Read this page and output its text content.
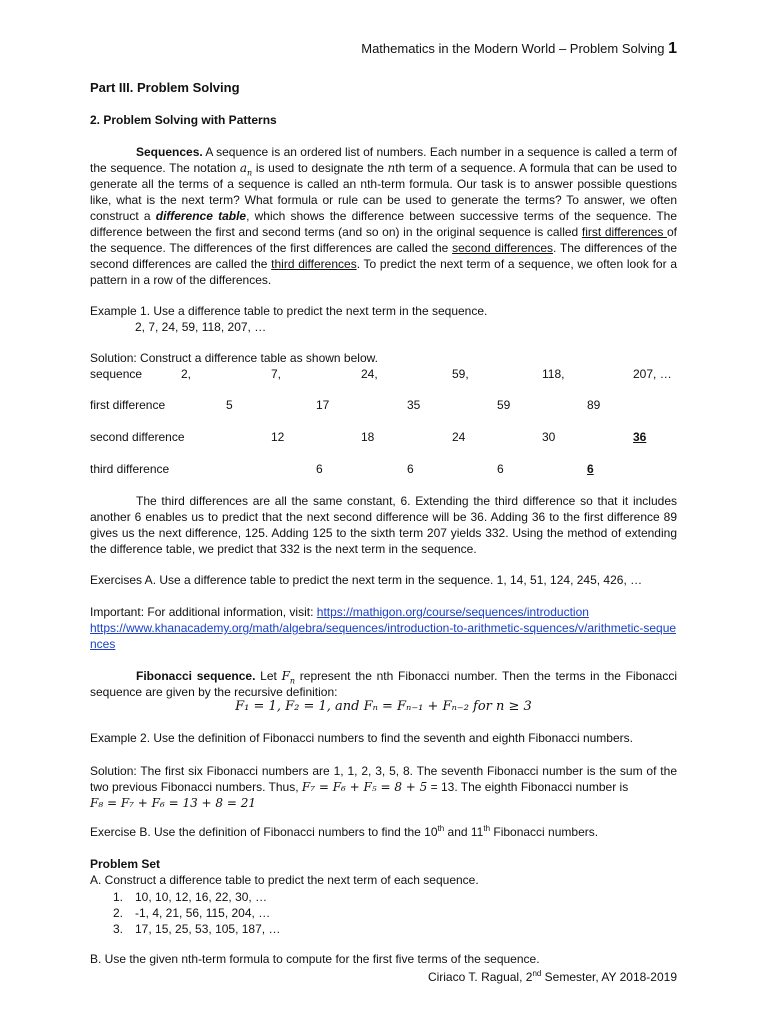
Mathematics in the Modern World – Problem Solving 1
Part III. Problem Solving
2. Problem Solving with Patterns

Sequences. A sequence is an ordered list of numbers. Each number in a sequence is called a term of the sequence. The notation $a_n$ is used to designate the nth term of a sequence. A formula that can be used to generate all the terms of a sequence is called an nth-term formula. Our task is to answer possible questions like, what is the next term? What formula or rule can be used to generate the terms? To answer, we often construct a difference table, which shows the difference between successive terms of the sequence. The difference between the first and second terms (and so on) in the original sequence is called first differences of the sequence. The differences of the first differences are called the second differences. The differences of the second differences are called the third differences. To predict the next term of a sequence, we often look for a pattern in a row of the differences.

Example 1. Use a difference table to predict the next term in the sequence.
2, 7, 24, 59, 118, 207, …
Solution: Construct a difference table as shown below.
sequence	2,	7,	24,	59,	118,	207, …
first difference	5	17	35	59	89
second difference	12	18	24	30	36
third difference	6	6	6	6

The third differences are all the same constant, 6. Extending the third difference so that it includes another 6 enables us to predict that the next second difference will be 36. Adding 36 to the first difference 89 gives us the next difference, 125. Adding 125 to the sixth term 207 yields 332. Using the method of extending the difference table, we predict that 332 is the next term in the sequence.

Exercises A. Use a difference table to predict the next term in the sequence. 1, 14, 51, 124, 245, 426, …

Important: For additional information, visit: https://mathigon.org/course/sequences/introduction
https://www.khanacademy.org/math/algebra/sequences/introduction-to-arithmetic-squences/v/arithmetic-sequences

Fibonacci sequence. Let $F_n$ represent the nth Fibonacci number. Then the terms in the Fibonacci sequence are given by the recursive definition:

F₁ = 1, F₂ = 1, and Fₙ = Fₙ₋₁ + Fₙ₋₂ for n ≥ 3
Example 2. Use the definition of Fibonacci numbers to find the seventh and eighth Fibonacci numbers.

Solution: The first six Fibonacci numbers are 1, 1, 2, 3, 5, 8. The seventh Fibonacci number is the sum of the two previous Fibonacci numbers. Thus, F₇ = F₆ + F₅ = 8 + 5 = 13. The eighth Fibonacci number is
F₈ = F₇ + F₆ = 13 + 8 = 21

Exercise B. Use the definition of Fibonacci numbers to find the 10th and 11th Fibonacci numbers.
Problem Set
A. Construct a difference table to predict the next term of each sequence.
1. 10, 10, 12, 16, 22, 30, …
2. -1, 4, 21, 56, 115, 204, …
3. 17, 15, 25, 53, 105, 187, …
B. Use the given nth-term formula to compute for the first five terms of the sequence.
Ciriaco T. Ragual, 2nd Semester, AY 2018-2019
